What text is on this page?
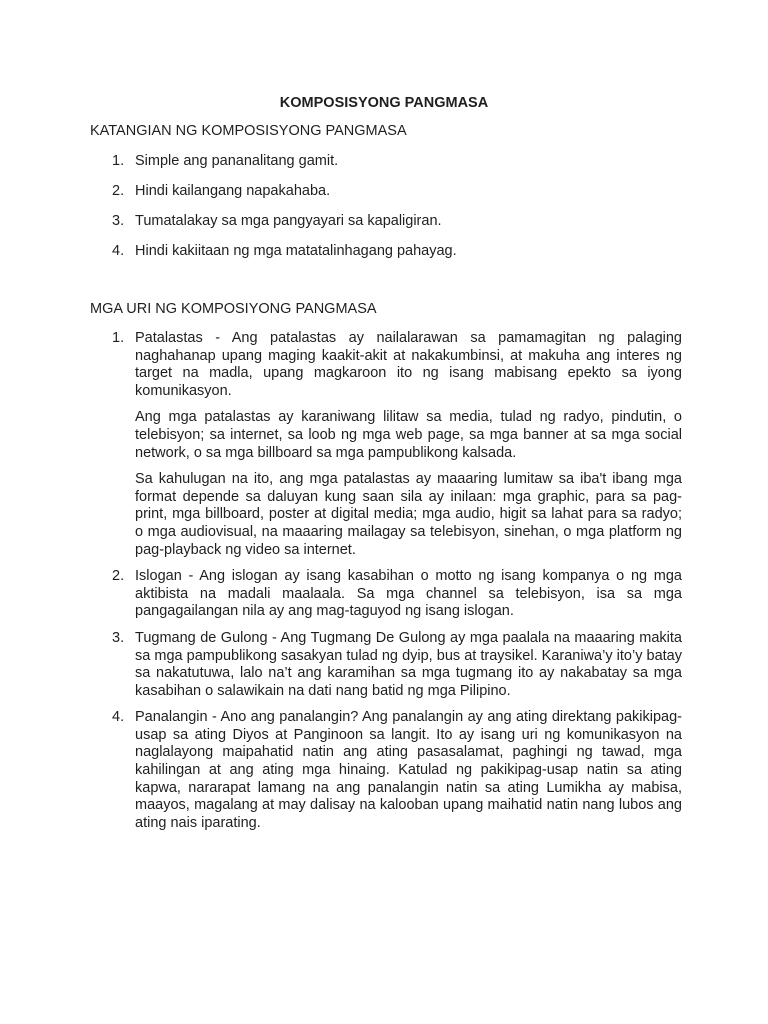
KOMPOSISYONG PANGMASA
KATANGIAN NG KOMPOSISYONG PANGMASA
1. Simple ang pananalitang gamit.
2. Hindi kailangang napakahaba.
3. Tumatalakay sa mga pangyayari sa kapaligiran.
4. Hindi kakiitaan ng mga matatalinhagang pahayag.
MGA URI NG KOMPOSIYONG PANGMASA
1. Patalastas - Ang patalastas ay nailalarawan sa pamamagitan ng palaging naghahanap upang maging kaakit-akit at nakakumbinsi, at makuha ang interes ng target na madla, upang magkaroon ito ng isang mabisang epekto sa iyong komunikasyon.

Ang mga patalastas ay karaniwang lilitaw sa media, tulad ng radyo, pindutin, o telebisyon; sa internet, sa loob ng mga web page, sa mga banner at sa mga social network, o sa mga billboard sa mga pampublikong kalsada.

Sa kahulugan na ito, ang mga patalastas ay maaaring lumitaw sa iba't ibang mga format depende sa daluyan kung saan sila ay inilaan: mga graphic, para sa pag-print, mga billboard, poster at digital media; mga audio, higit sa lahat para sa radyo; o mga audiovisual, na maaaring mailagay sa telebisyon, sinehan, o mga platform ng pag-playback ng video sa internet.

2. Islogan - Ang islogan ay isang kasabihan o motto ng isang kompanya o ng mga aktibista na madali maalaala. Sa mga channel sa telebisyon, isa sa mga pangagailangan nila ay ang mag-taguyod ng isang islogan.

3. Tugmang de Gulong - Ang Tugmang De Gulong ay mga paalala na maaaring makita sa mga pampublikong sasakyan tulad ng dyip, bus at traysikel. Karaniwa’y ito’y batay sa nakatutuwa, lalo na’t ang karamihan sa mga tugmang ito ay nakabatay sa mga kasabihan o salawikain na dati nang batid ng mga Pilipino.

4. Panalangin - Ano ang panalangin? Ang panalangin ay ang ating direktang pakikipag-usap sa ating Diyos at Panginoon sa langit. Ito ay isang uri ng komunikasyon na naglalayong maipahatid natin ang ating pasasalamat, paghingi ng tawad, mga kahilingan at ang ating mga hinaing. Katulad ng pakikipag-usap natin sa ating kapwa, nararapat lamang na ang panalangin natin sa ating Lumikha ay mabisa, maayos, magalang at may dalisay na kalooban upang maihatid natin nang lubos ang ating nais iparating.
